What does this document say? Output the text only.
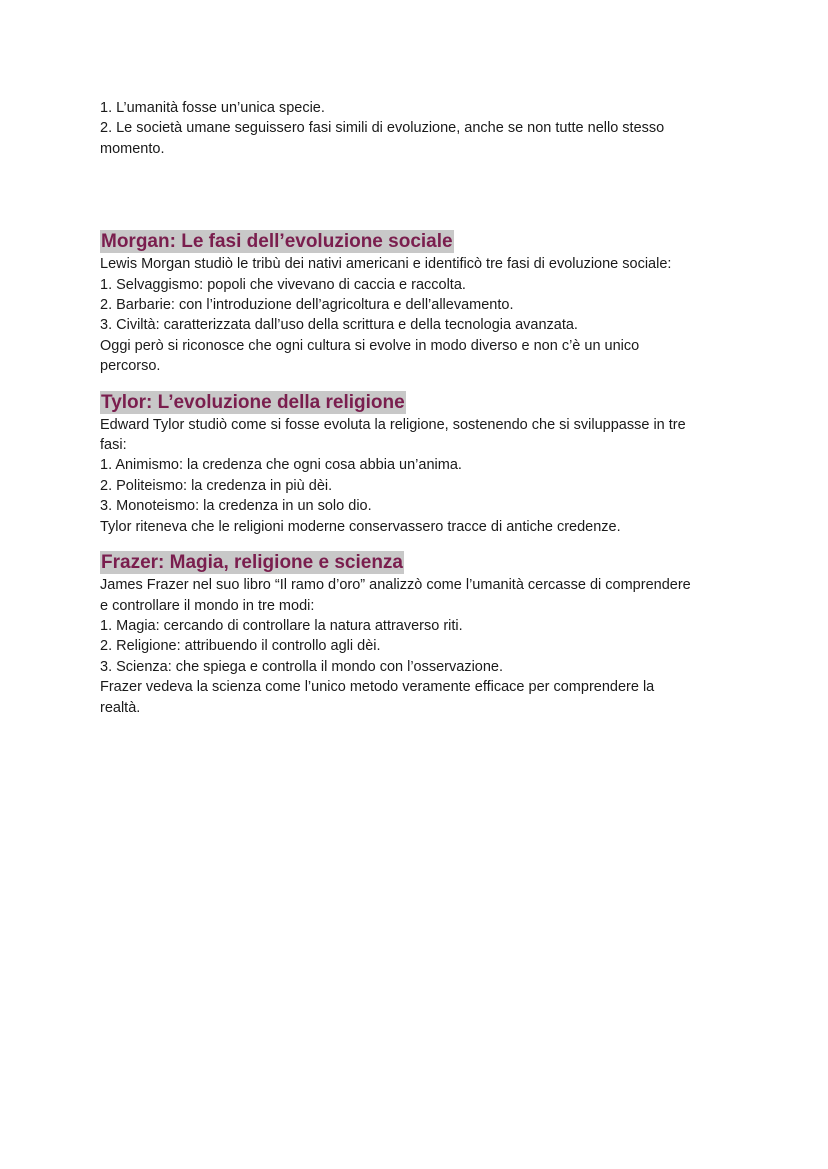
1. L’umanità fosse un’unica specie.

2. Le società umane seguissero fasi simili di evoluzione, anche se non tutte nello stesso

momento.

Morgan: Le fasi dell’evoluzione sociale

Lewis Morgan studiò le tribù dei nativi americani e identificò tre fasi di evoluzione sociale:

1. Selvaggismo: popoli che vivevano di caccia e raccolta.

2. Barbarie: con l’introduzione dell’agricoltura e dell’allevamento.

3. Civiltà: caratterizzata dall’uso della scrittura e della tecnologia avanzata.

Oggi però si riconosce che ogni cultura si evolve in modo diverso e non c’è un unico

percorso.

Tylor: L’evoluzione della religione

Edward Tylor studiò come si fosse evoluta la religione, sostenendo che si sviluppasse in tre

fasi:

1. Animismo: la credenza che ogni cosa abbia un’anima.

2. Politeismo: la credenza in più dèi.

3. Monoteismo: la credenza in un solo dio.

Tylor riteneva che le religioni moderne conservassero tracce di antiche credenze.

Frazer: Magia, religione e scienza

James Frazer nel suo libro “Il ramo d’oro” analizzò come l’umanità cercasse di comprendere

e controllare il mondo in tre modi:

1. Magia: cercando di controllare la natura attraverso riti.

2. Religione: attribuendo il controllo agli dèi.

3. Scienza: che spiega e controlla il mondo con l’osservazione.

Frazer vedeva la scienza come l’unico metodo veramente efficace per comprendere la

realtà.
